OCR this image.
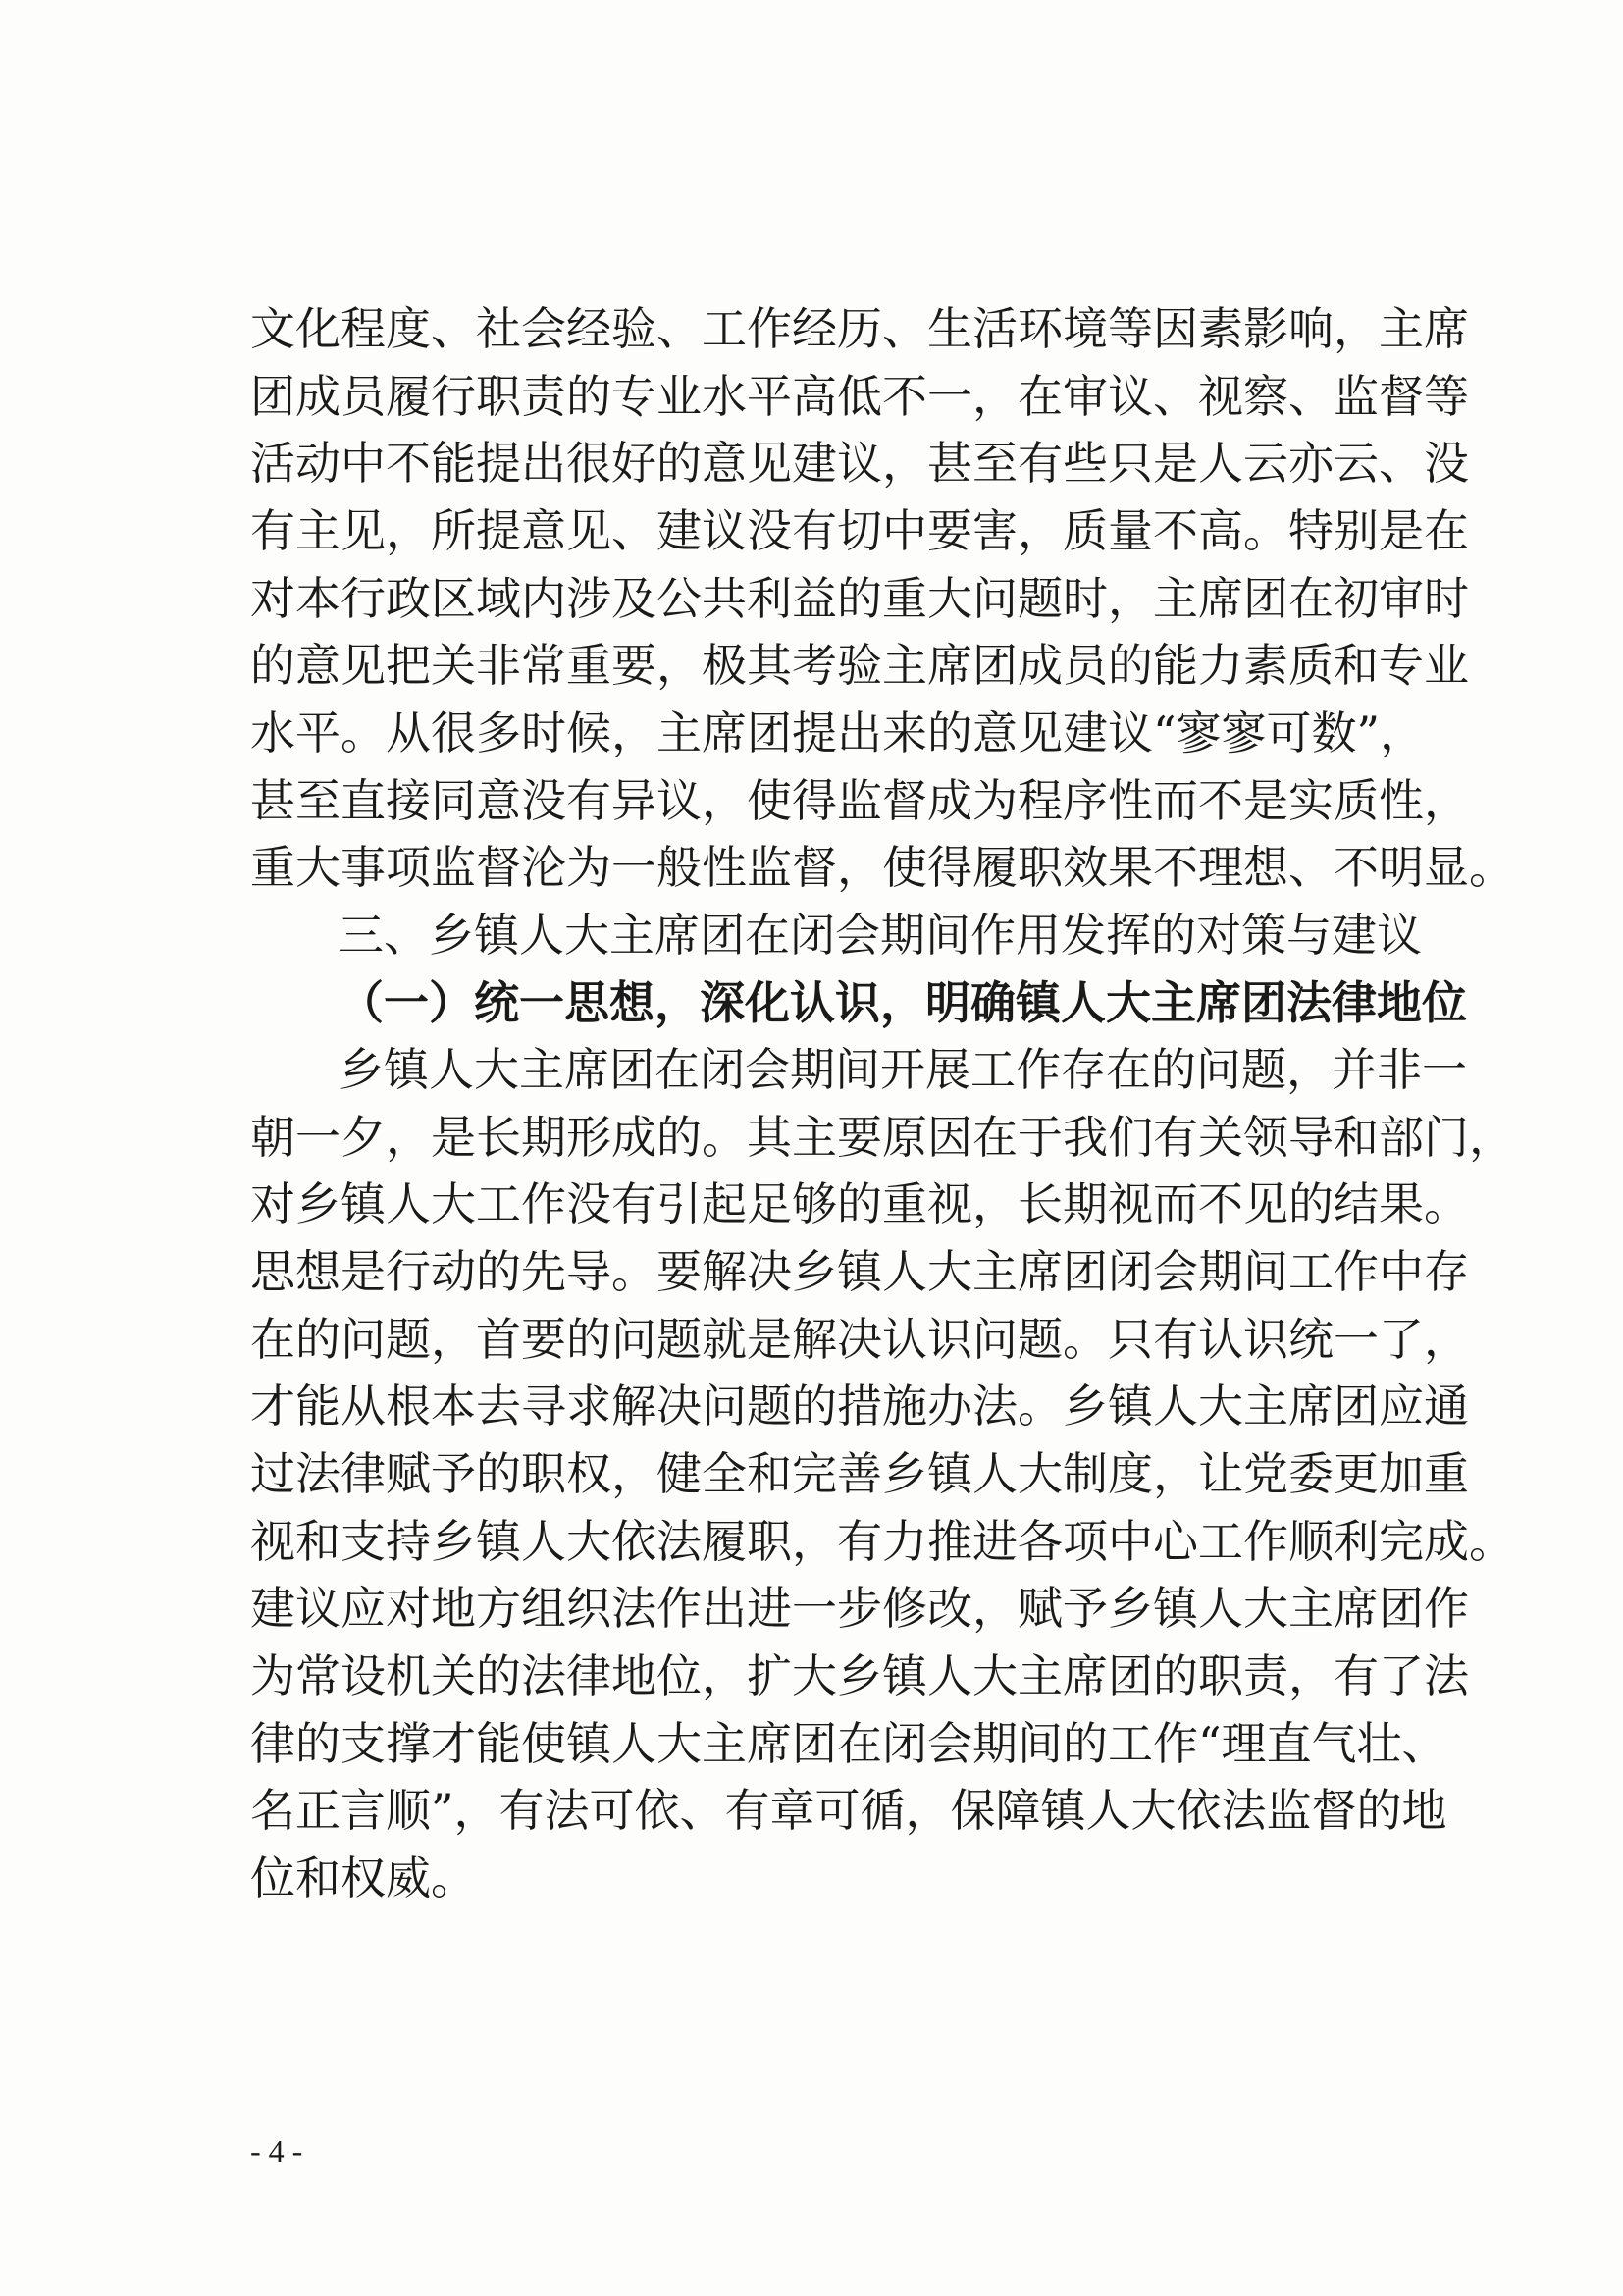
文化程度、社会经验、工作经历、生活环境等因素影响，主席
团成员履行职责的专业水平高低不一，在审议、视察、监督等
活动中不能提出很好的意见建议，甚至有些只是人云亦云、没
有主见，所提意见、建议没有切中要害，质量不高。特别是在
对本行政区域内涉及公共利益的重大问题时，主席团在初审时
的意见把关非常重要，极其考验主席团成员的能力素质和专业
水平。从很多时候，主席团提出来的意见建议“寥寥可数”，
甚至直接同意没有异议，使得监督成为程序性而不是实质性，
重大事项监督沦为一般性监督，使得履职效果不理想、不明显。
三、乡镇人大主席团在闭会期间作用发挥的对策与建议
（一）统一思想，深化认识，明确镇人大主席团法律地位
乡镇人大主席团在闭会期间开展工作存在的问题，并非一
朝一夕，是长期形成的。其主要原因在于我们有关领导和部门，
对乡镇人大工作没有引起足够的重视，长期视而不见的结果。
思想是行动的先导。要解决乡镇人大主席团闭会期间工作中存
在的问题，首要的问题就是解决认识问题。只有认识统一了，
才能从根本去寻求解决问题的措施办法。乡镇人大主席团应通
过法律赋予的职权，健全和完善乡镇人大制度，让党委更加重
视和支持乡镇人大依法履职，有力推进各项中心工作顺利完成。
建议应对地方组织法作出进一步修改，赋予乡镇人大主席团作
为常设机关的法律地位，扩大乡镇人大主席团的职责，有了法
律的支撑才能使镇人大主席团在闭会期间的工作“理直气壮、
名正言顺”，有法可依、有章可循，保障镇人大依法监督的地
位和权威。
- 4 -
